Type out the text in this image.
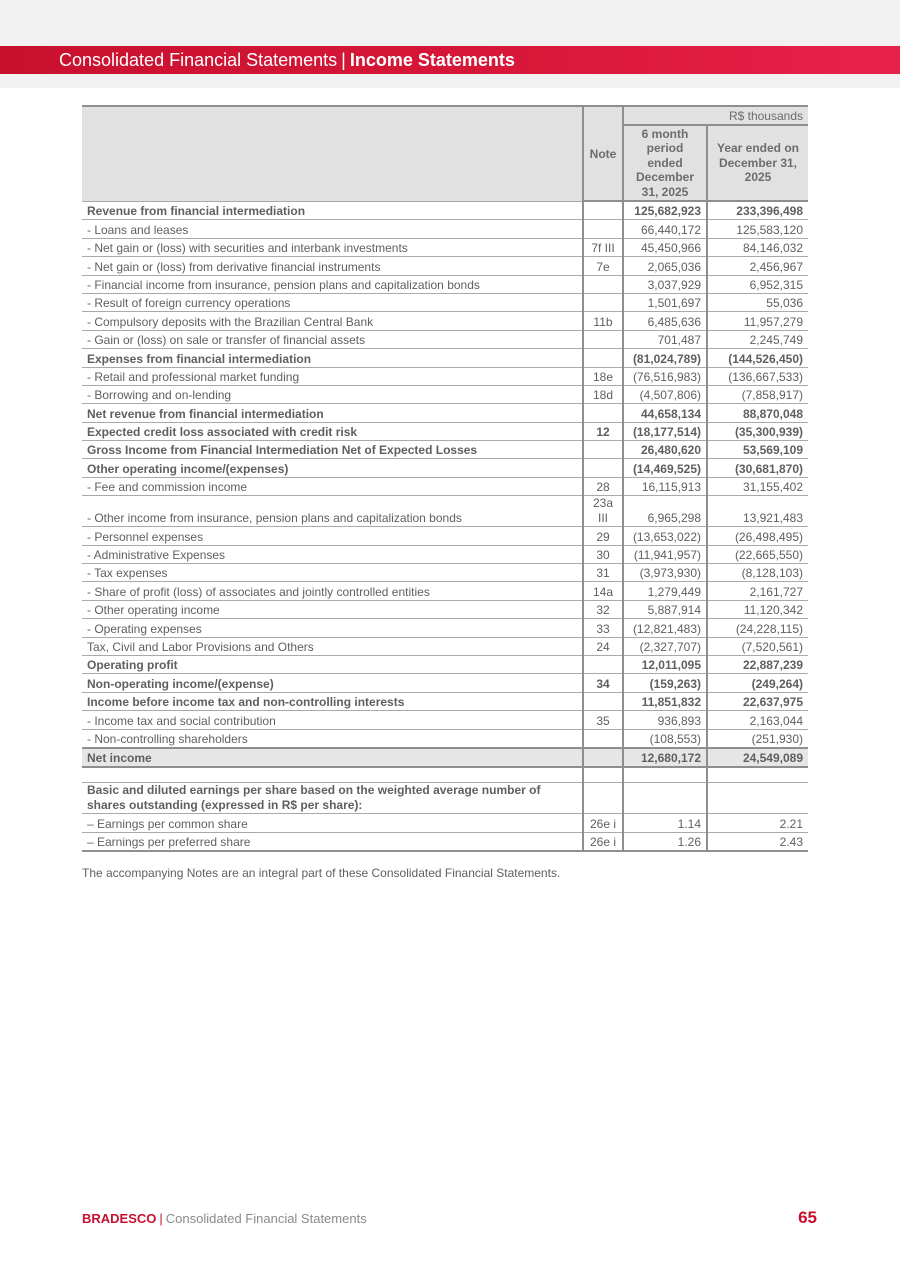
Consolidated Financial Statements | Income Statements
	Note	R$ thousands	
		6 month period ended December 31, 2025	Year ended on December 31, 2025
Revenue from financial intermediation		125,682,923	233,396,498
- Loans and leases		66,440,172	125,583,120
- Net gain or (loss) with securities and interbank investments	7f III	45,450,966	84,146,032
- Net gain or (loss) from derivative financial instruments	7e	2,065,036	2,456,967
- Financial income from insurance, pension plans and capitalization bonds		3,037,929	6,952,315
- Result of foreign currency operations		1,501,697	55,036
- Compulsory deposits with the Brazilian Central Bank	11b	6,485,636	11,957,279
- Gain or (loss) on sale or transfer of financial assets		701,487	2,245,749
Expenses from financial intermediation		(81,024,789)	(144,526,450)
- Retail and professional market funding	18e	(76,516,983)	(136,667,533)
- Borrowing and on-lending	18d	(4,507,806)	(7,858,917)
Net revenue from financial intermediation		44,658,134	88,870,048
Expected credit loss associated with credit risk	12	(18,177,514)	(35,300,939)
Gross Income from Financial Intermediation Net of Expected Losses		26,480,620	53,569,109
Other operating income/(expenses)		(14,469,525)	(30,681,870)
- Fee and commission income	28	16,115,913	31,155,402
- Other income from insurance, pension plans and capitalization bonds	23a III	6,965,298	13,921,483
- Personnel expenses	29	(13,653,022)	(26,498,495)
- Administrative Expenses	30	(11,941,957)	(22,665,550)
- Tax expenses	31	(3,973,930)	(8,128,103)
- Share of profit (loss) of associates and jointly controlled entities	14a	1,279,449	2,161,727
- Other operating income	32	5,887,914	11,120,342
- Operating expenses	33	(12,821,483)	(24,228,115)
Tax, Civil and Labor Provisions and Others	24	(2,327,707)	(7,520,561)
Operating profit		12,011,095	22,887,239
Non-operating income/(expense)	34	(159,263)	(249,264)
Income before income tax and non-controlling interests		11,851,832	22,637,975
- Income tax and social contribution	35	936,893	2,163,044
- Non-controlling shareholders		(108,553)	(251,930)
Net income		12,680,172	24,549,089

Basic and diluted earnings per share based on the weighted average number of shares outstanding (expressed in R$ per share):			
– Earnings per common share	26e i	1.14	2.21
– Earnings per preferred share	26e i	1.26	2.43
The accompanying Notes are an integral part of these Consolidated Financial Statements.
BRADESCO | Consolidated Financial Statements	65
